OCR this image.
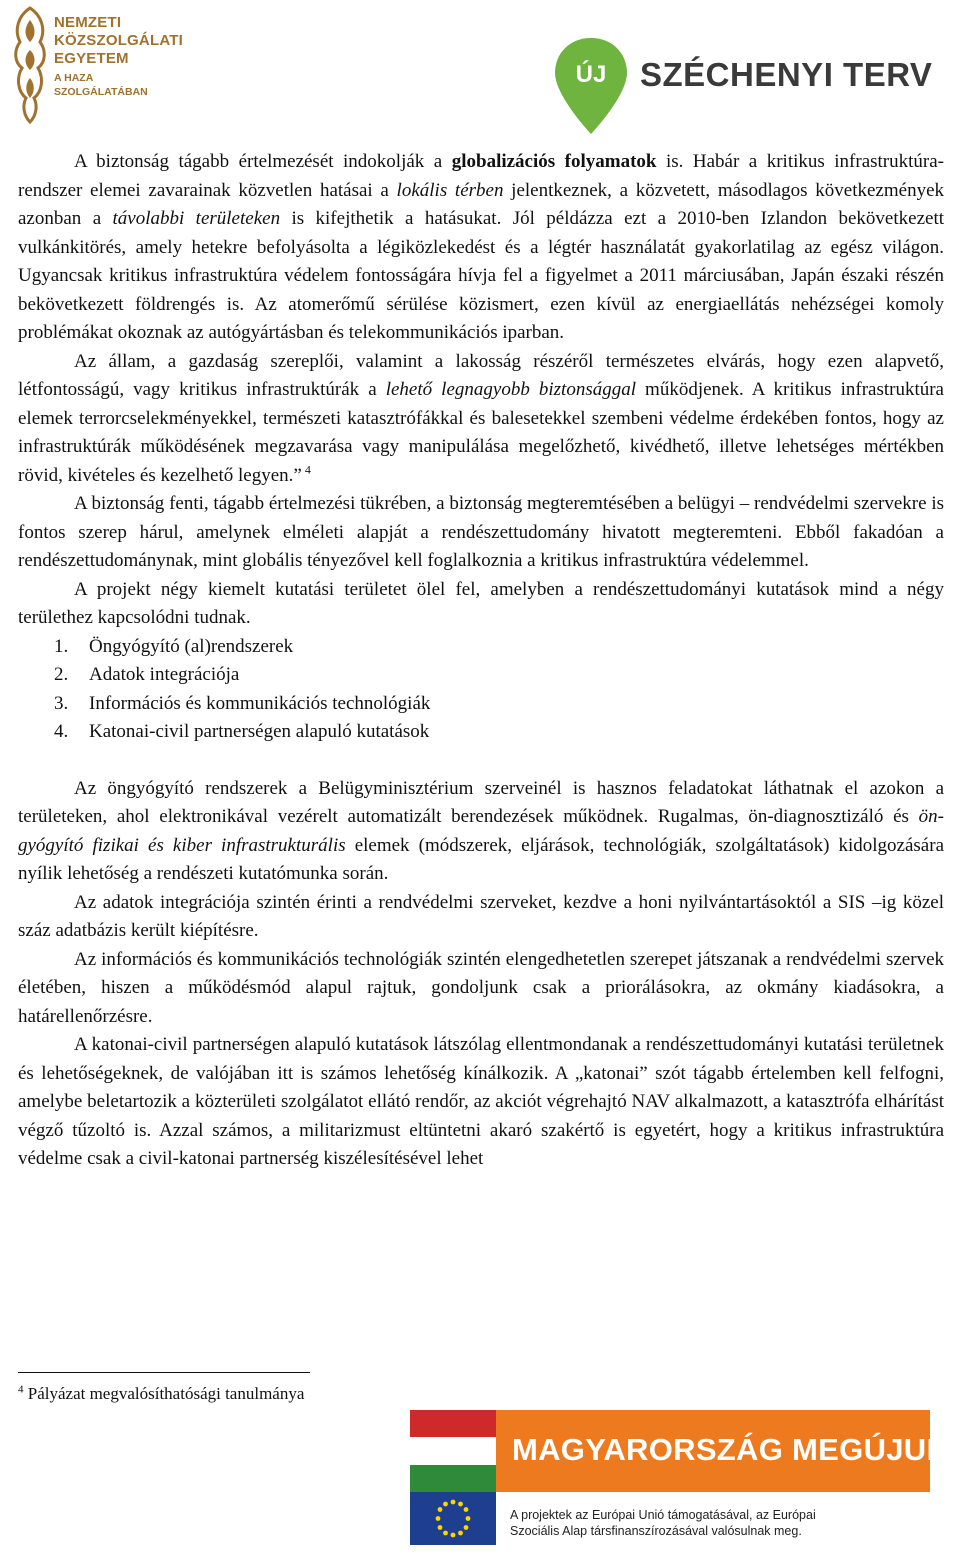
NEMZETI
KÖZSZOLGÁLATI
EGYETEM
A HAZA SZOLGÁLATÁBAN
ÚJ SZÉCHENYI TERV

A biztonság tágabb értelmezését indokolják a globalizációs folyamatok is. Habár a kritikus infrastruktúra-rendszer elemei zavarainak közvetlen hatásai a lokális térben jelentkeznek, a közvetett, másodlagos következmények azonban a távolabbi területeken is kifejthetik a hatásukat. Jól példázza ezt a 2010-ben Izlandon bekövetkezett vulkánkitörés, amely hetekre befolyásolta a légiközlekedést és a légtér használatát gyakorlatilag az egész világon. Ugyancsak kritikus infrastruktúra védelem fontosságára hívja fel a figyelmet a 2011 márciusában, Japán északi részén bekövetkezett földrengés is. Az atomerőmű sérülése közismert, ezen kívül az energiaellátás nehézségei komoly problémákat okoznak az autógyártásban és telekommunikációs iparban.

Az állam, a gazdaság szereplői, valamint a lakosság részéről természetes elvárás, hogy ezen alapvető, létfontosságú, vagy kritikus infrastruktúrák a lehető legnagyobb biztonsággal működjenek. A kritikus infrastruktúra elemek terrorcselekményekkel, természeti katasztrófákkal és balesetekkel szembeni védelme érdekében fontos, hogy az infrastruktúrák működésének megzavarása vagy manipulálása megelőzhető, kivédhető, illetve lehetséges mértékben rövid, kivételes és kezelhető legyen.” $^4$

A biztonság fenti, tágabb értelmezési tükrében, a biztonság megteremtésében a belügyi – rendvédelmi szervekre is fontos szerep hárul, amelynek elméleti alapját a rendészettudomány hivatott megteremteni. Ebből fakadóan a rendészettudománynak, mint globális tényezővel kell foglalkoznia a kritikus infrastruktúra védelemmel.

A projekt négy kiemelt kutatási területet ölel fel, amelyben a rendészettudományi kutatások mind a négy területhez kapcsolódni tudnak.

1. Öngyógyító (al)rendszerek
2. Adatok integrációja
3. Információs és kommunikációs technológiák
4. Katonai-civil partnerségen alapuló kutatások

Az öngyógyító rendszerek a Belügyminisztérium szerveinél is hasznos feladatokat láthatnak el azokon a területeken, ahol elektronikával vezérelt automatizált berendezések működnek. Rugalmas, ön-diagnosztizáló és ön-gyógyító fizikai és kiber infrastrukturális elemek (módszerek, eljárások, technológiák, szolgáltatások) kidolgozására nyílik lehetőség a rendészeti kutatómunka során.

Az adatok integrációja szintén érinti a rendvédelmi szerveket, kezdve a honi nyilvántartásoktól a SIS –ig közel száz adatbázis került kiépítésre.

Az információs és kommunikációs technológiák szintén elengedhetetlen szerepet játszanak a rendvédelmi szervek életében, hiszen a működésmód alapul rajtuk, gondoljunk csak a priorálásokra, az okmány kiadásokra, a határellenőrzésre.

A katonai-civil partnerségen alapuló kutatások látszólag ellentmondanak a rendészettudományi kutatási területnek és lehetőségeknek, de valójában itt is számos lehetőség kínálkozik. A „katonai” szót tágabb értelemben kell felfogni, amelybe beletartozik a közterületi szolgálatot ellátó rendőr, az akciót végrehajtó NAV alkalmazott, a katasztrófa elhárítást végző tűzoltó is. Azzal számos, a militarizmust eltüntetni akaró szakértő is egyetért, hogy a kritikus infrastruktúra védelme csak a civil-katonai partnerség kiszélesítésével lehet

$^4$ Pályázat megvalósíthatósági tanulmánya
MAGYARORSZÁG MEGÚJUL
A projektek az Európai Unió támogatásával, az Európai
Szociális Alap társfinanszírozásával valósulnak meg.
